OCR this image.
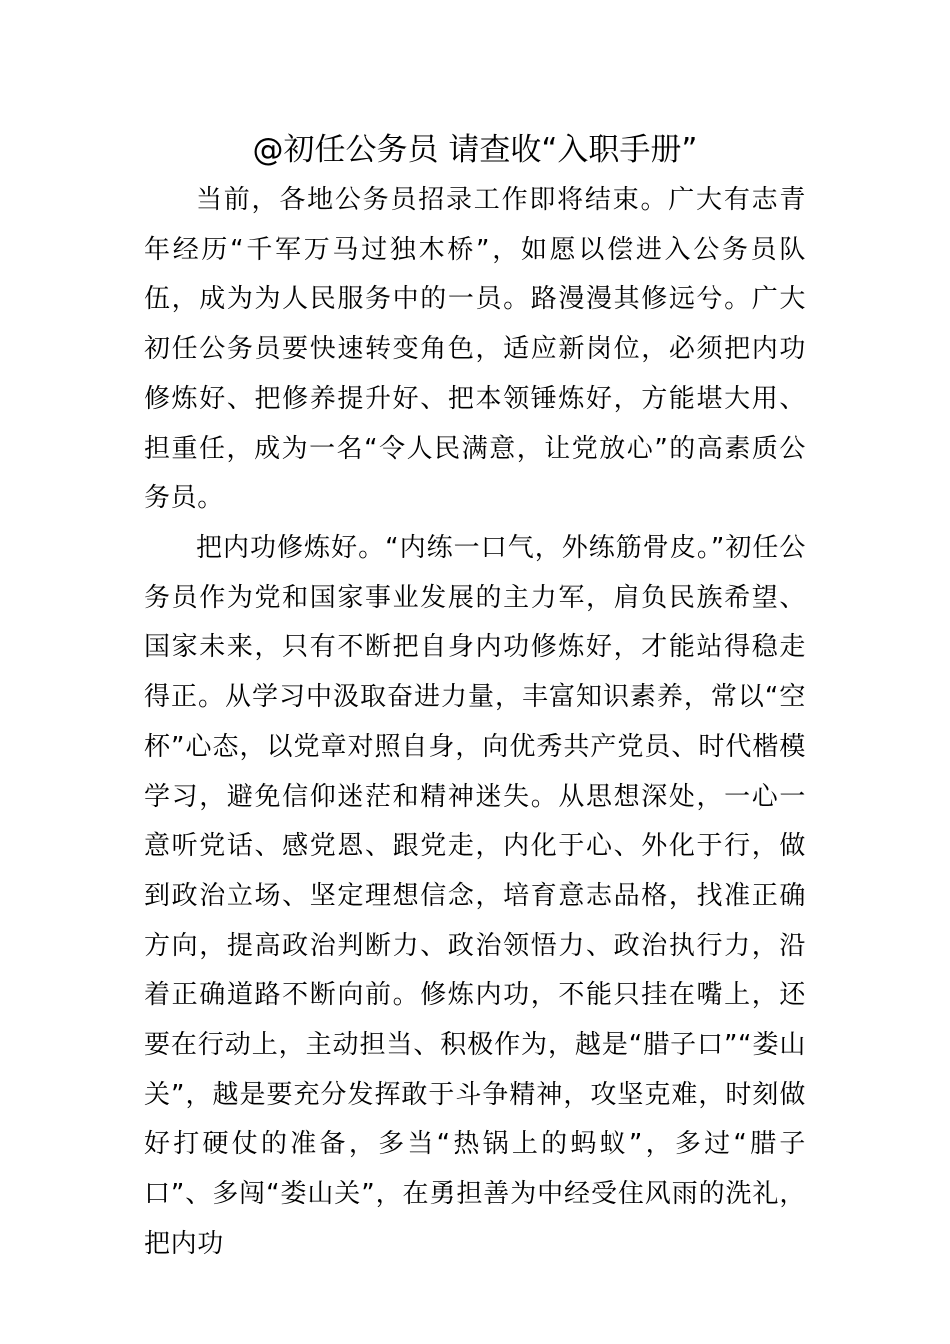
@初任公务员 请查收“入职手册”

当前，各地公务员招录工作即将结束。广大有志青年经历“千军万马过独木桥”，如愿以偿进入公务员队伍，成为为人民服务中的一员。路漫漫其修远兮。广大初任公务员要快速转变角色，适应新岗位，必须把内功修炼好、把修养提升好、把本领锤炼好，方能堪大用、担重任，成为一名“令人民满意，让党放心”的高素质公务员。

把内功修炼好。“内练一口气，外练筋骨皮。”初任公务员作为党和国家事业发展的主力军，肩负民族希望、国家未来，只有不断把自身内功修炼好，才能站得稳走得正。从学习中汲取奋进力量，丰富知识素养，常以“空杯”心态，以党章对照自身，向优秀共产党员、时代楷模学习，避免信仰迷茫和精神迷失。从思想深处，一心一意听党话、感党恩、跟党走，内化于心、外化于行，做到政治立场、坚定理想信念，培育意志品格，找准正确方向，提高政治判断力、政治领悟力、政治执行力，沿着正确道路不断向前。修炼内功，不能只挂在嘴上，还要在行动上，主动担当、积极作为，越是“腊子口”“娄山关”，越是要充分发挥敢于斗争精神，攻坚克难，时刻做好打硬仗的准备，多当“热锅上的蚂蚁”，多过“腊子口”、多闯“娄山关”，在勇担善为中经受住风雨的洗礼，把内功
